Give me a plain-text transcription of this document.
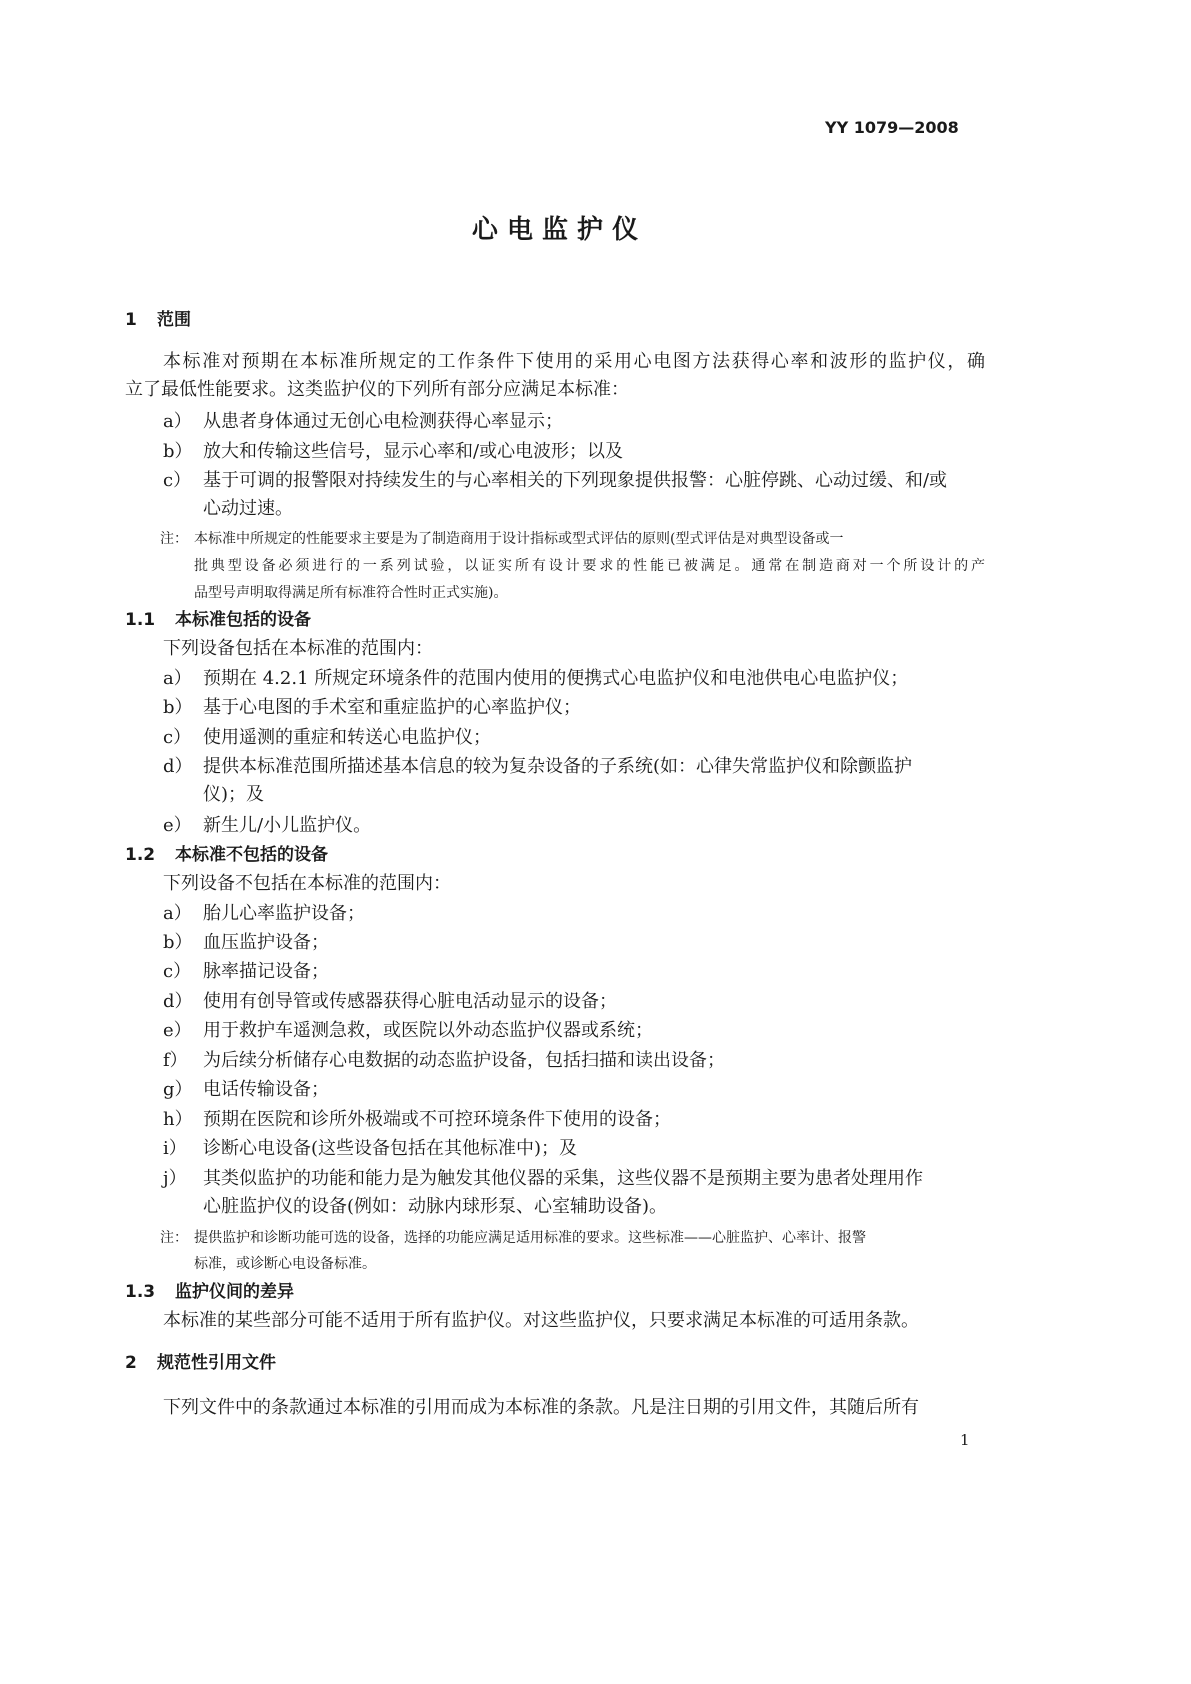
YY 1079—2008
心 电 监 护 仪
1 范围
本标准对预期在本标准所规定的工作条件下使用的采用心电图方法获得心率和波形的监护仪，确
立了最低性能要求。这类监护仪的下列所有部分应满足本标准：
a） 从患者身体通过无创心电检测获得心率显示；
b） 放大和传输这些信号，显示心率和/或心电波形；以及
c） 基于可调的报警限对持续发生的与心率相关的下列现象提供报警：心脏停跳、心动过缓、和/或
心动过速。
注： 本标准中所规定的性能要求主要是为了制造商用于设计指标或型式评估的原则(型式评估是对典型设备或一
批典型设备必须进行的一系列试验，以证实所有设计要求的性能已被满足。通常在制造商对一个所设计的产
品型号声明取得满足所有标准符合性时正式实施)。
1.1 本标准包括的设备
下列设备包括在本标准的范围内：
a） 预期在 4.2.1 所规定环境条件的范围内使用的便携式心电监护仪和电池供电心电监护仪；
b） 基于心电图的手术室和重症监护的心率监护仪；
c） 使用遥测的重症和转送心电监护仪；
d） 提供本标准范围所描述基本信息的较为复杂设备的子系统(如：心律失常监护仪和除颤监护
仪)；及
e） 新生儿/小儿监护仪。
1.2 本标准不包括的设备
下列设备不包括在本标准的范围内：
a） 胎儿心率监护设备；
b） 血压监护设备；
c） 脉率描记设备；
d） 使用有创导管或传感器获得心脏电活动显示的设备；
e） 用于救护车遥测急救，或医院以外动态监护仪器或系统；
f） 为后续分析储存心电数据的动态监护设备，包括扫描和读出设备；
g） 电话传输设备；
h） 预期在医院和诊所外极端或不可控环境条件下使用的设备；
i） 诊断心电设备(这些设备包括在其他标准中)；及
j） 其类似监护的功能和能力是为触发其他仪器的采集，这些仪器不是预期主要为患者处理用作
心脏监护仪的设备(例如：动脉内球形泵、心室辅助设备)。
注： 提供监护和诊断功能可选的设备，选择的功能应满足适用标准的要求。这些标准——心脏监护、心率计、报警
标准，或诊断心电设备标准。
1.3 监护仪间的差异
本标准的某些部分可能不适用于所有监护仪。对这些监护仪，只要求满足本标准的可适用条款。
2 规范性引用文件
下列文件中的条款通过本标准的引用而成为本标准的条款。凡是注日期的引用文件，其随后所有
1
